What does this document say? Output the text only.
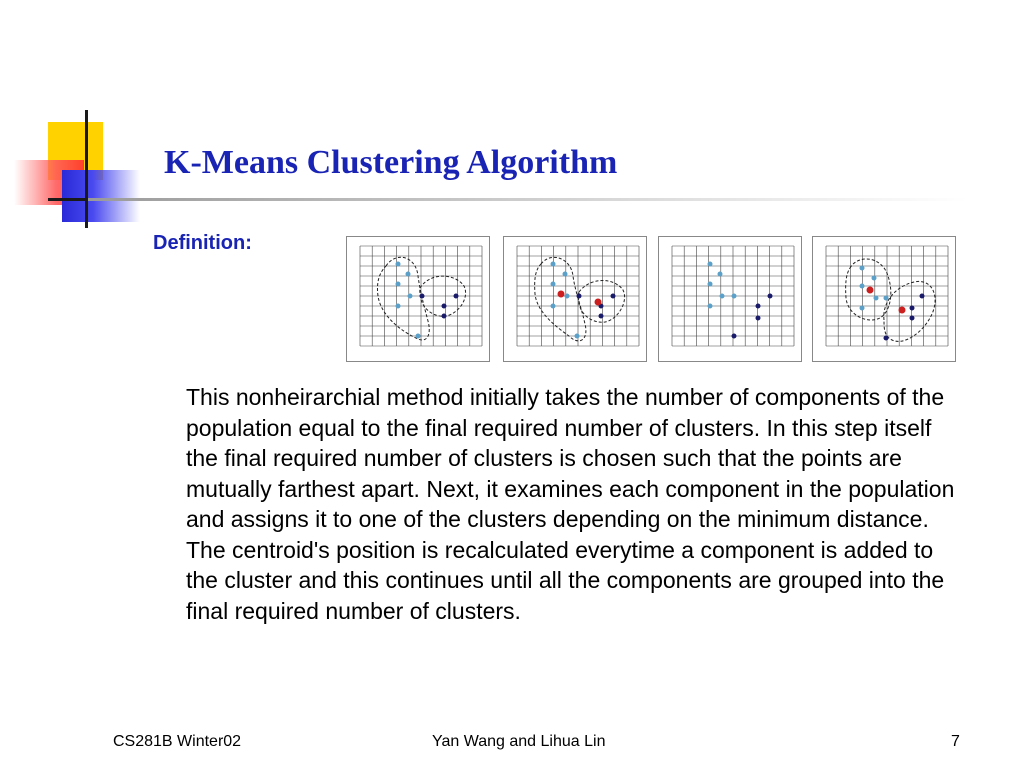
K-Means Clustering Algorithm
Definition:

This nonheirarchial method initially takes the number of components of the population equal to the final required number of clusters. In this step itself the final required number of clusters is chosen such that the points are mutually farthest apart. Next, it examines each component in the population and assigns it to one of the clusters depending on the minimum distance. The centroid's position is recalculated everytime a component is added to the cluster and this continues until all the components are grouped into the final required number of clusters.

CS281B Winter02	Yan Wang and Lihua Lin	7
